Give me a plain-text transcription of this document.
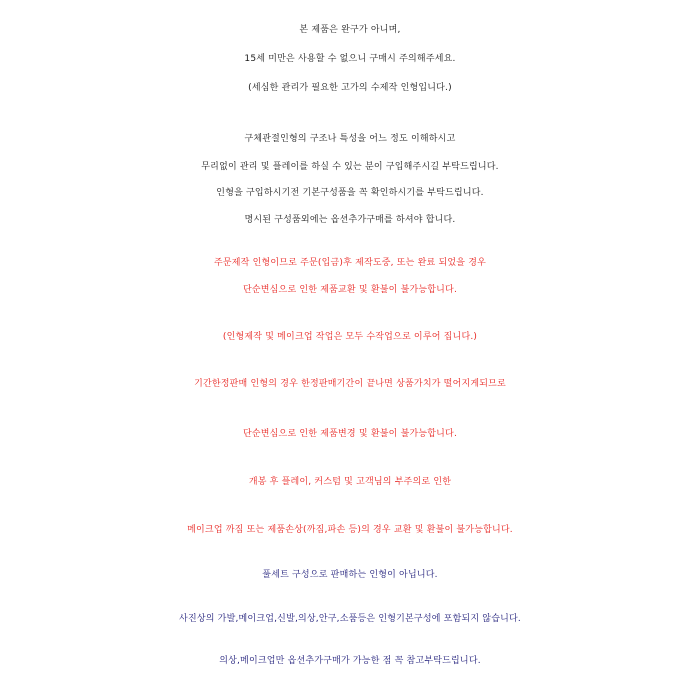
본 제품은 완구가 아니며,
15세 미만은 사용할 수 없으니 구매시 주의해주세요.
(세심한 관리가 필요한 고가의 수제작 인형입니다.)
구체관절인형의 구조나 특성을 어느 정도 이해하시고
무리없이 관리 및 플레이를 하실 수 있는 분이 구입해주시길 부탁드립니다.
인형을 구입하시기전 기본구성품을 꼭 확인하시기를 부탁드립니다.
명시된 구성품외에는 옵션추가구매를 하셔야 합니다.
주문제작 인형이므로 주문(입금)후 제작도중, 또는 완료 되었을 경우
단순변심으로 인한 제품교환 및 환불이 불가능합니다.
(인형제작 및 메이크업 작업은 모두 수작업으로 이루어 집니다.)
기간한정판매 인형의 경우 한정판매기간이 끝나면 상품가치가 떨어지게되므로
단순변심으로 인한 제품변경 및 환불이 불가능합니다.
개봉 후 플레이, 커스텀 및 고객님의 부주의로 인한
메이크업 까짐 또는 제품손상(까짐,파손 등)의 경우 교환 및 환불이 불가능합니다.
풀세트 구성으로 판매하는 인형이 아닙니다.
사진상의 가발,메이크업,신발,의상,안구,소품등은 인형기본구성에 포함되지 않습니다.
의상,메이크업만 옵션추가구매가 가능한 점 꼭 참고부탁드립니다.
